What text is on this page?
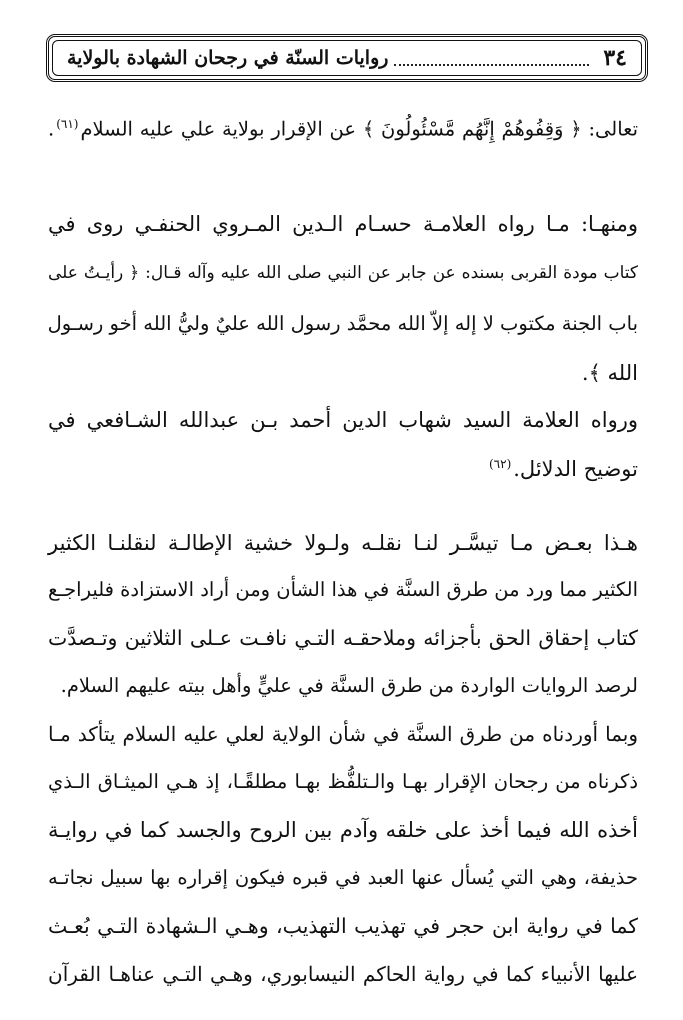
٣٤
روايات السنّة في رجحان الشهادة بالولاية
تعالى: ﴿ وَقِفُوهُمْ إِنَّهُم مَّسْئُولُونَ ﴾ عن الإقرار بولاية علي عليه السلام$^{(٦١)}$.
ومنهـا: مـا رواه العلامـة حسـام الـدين المـروي الحنفـي روى في
كتاب مودة القربى بسنده عن جابر عن النبي صلى الله عليه وآله قـال: ﴿ رأيـتُ على
باب الجنة مكتوب لا إله إلاّ الله محمَّد رسول الله عليٌ وليُّ الله أخو رسـول
الله ﴾.
ورواه العلامة السيد شهاب الدين أحمد بـن عبدالله الشـافعي في
توضيح الدلائل.$^{(٦٢)}$
هـذا بعـض مـا تيسَّـر لنـا نقلـه ولـولا خشية الإطالـة لنقلنـا الكثير
الكثير مما ورد من طرق السنَّة في هذا الشأن ومن أراد الاستزادة فليراجـع
كتاب إحقاق الحق بأجزائه وملاحقـه التـي نافـت عـلى الثلاثين وتـصدَّت
لرصد الروايات الواردة من طرق السنَّة في عليٍّ وأهل بيته عليهم السلام.
وبما أوردناه من طرق السنَّة في شأن الولاية لعلي عليه السلام يتأكد مـا
ذكرناه من رجحان الإقرار بهـا والـتلفُّظ بهـا مطلقًـا، إذ هـي الميثـاق الـذي
أخذه الله فيما أخذ على خلقه وآدم بين الروح والجسد كما في روايـة
حذيفة، وهي التي يُسأل عنها العبد في قبره فيكون إقراره بها سبيل نجاتـه
كما في رواية ابن حجر في تهذيب التهذيب، وهـي الـشهادة التـي بُعـث
عليها الأنبياء كما في رواية الحاكم النيسابوري، وهـي التـي عناهـا القرآن
